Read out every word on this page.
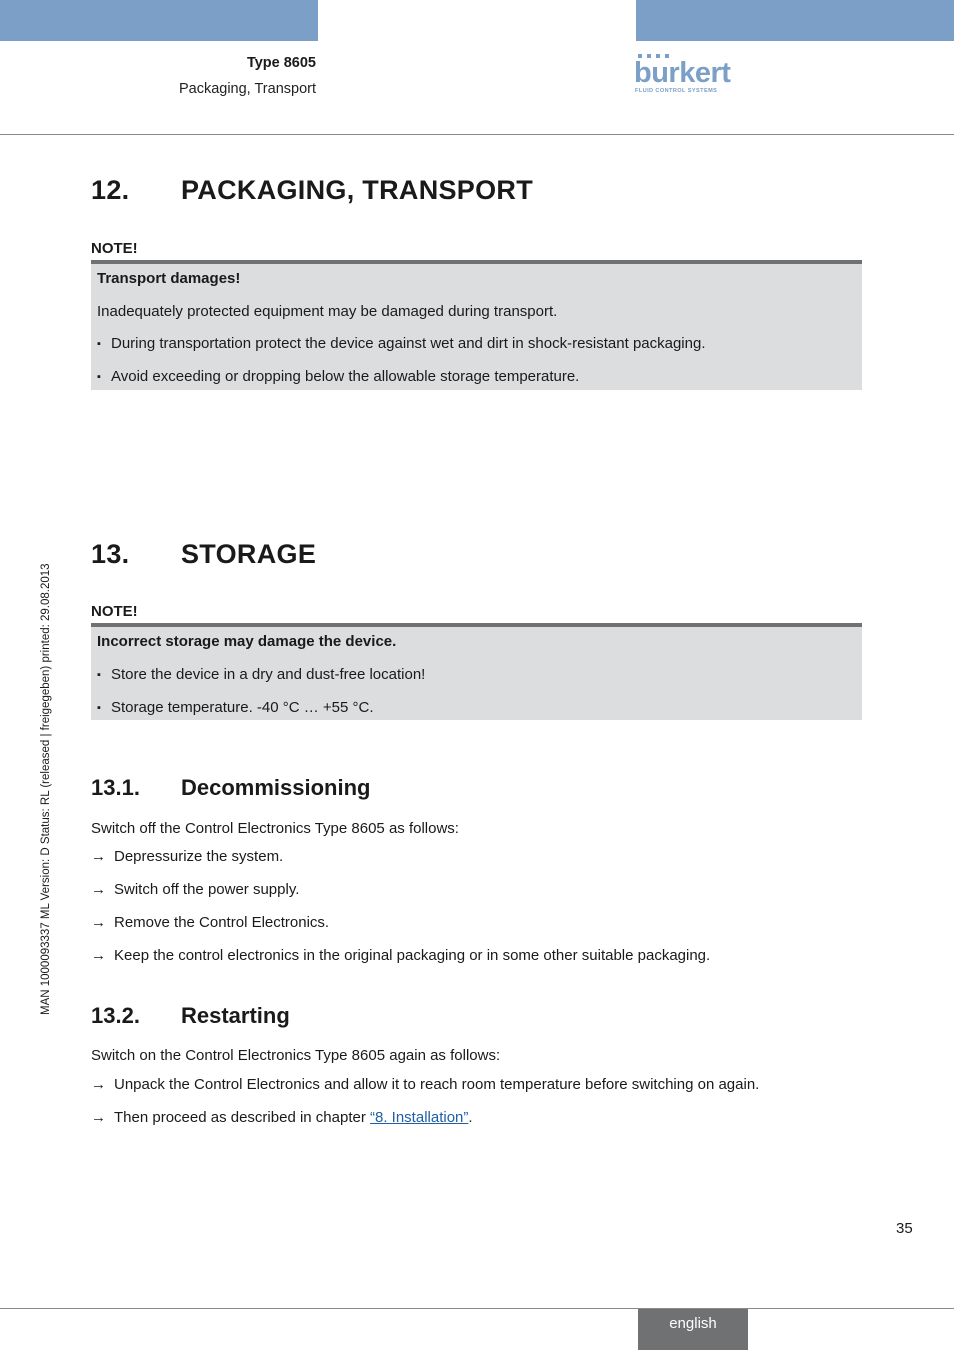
Type 8605
Packaging, Transport	burkert
FLUID CONTROL SYSTEMS
MAN 1000093337 ML Version: D Status: RL (released | freigegeben) printed: 29.08.2013
12. PACKAGING, TRANSPORT
NOTE!
Transport damages!
Inadequately protected equipment may be damaged during transport.
▪ During transportation protect the device against wet and dirt in shock-resistant packaging.
▪ Avoid exceeding or dropping below the allowable storage temperature.
13. STORAGE
NOTE!
Incorrect storage may damage the device.
▪ Store the device in a dry and dust-free location!
▪ Storage temperature. -40 °C … +55 °C.
13.1. Decommissioning
Switch off the Control Electronics Type 8605 as follows:
→ Depressurize the system.
→ Switch off the power supply.
→ Remove the Control Electronics.
→ Keep the control electronics in the original packaging or in some other suitable packaging.
13.2. Restarting
Switch on the Control Electronics Type 8605 again as follows:
→ Unpack the Control Electronics and allow it to reach room temperature before switching on again.
→ Then proceed as described in chapter “8. Installation”.
35
english
